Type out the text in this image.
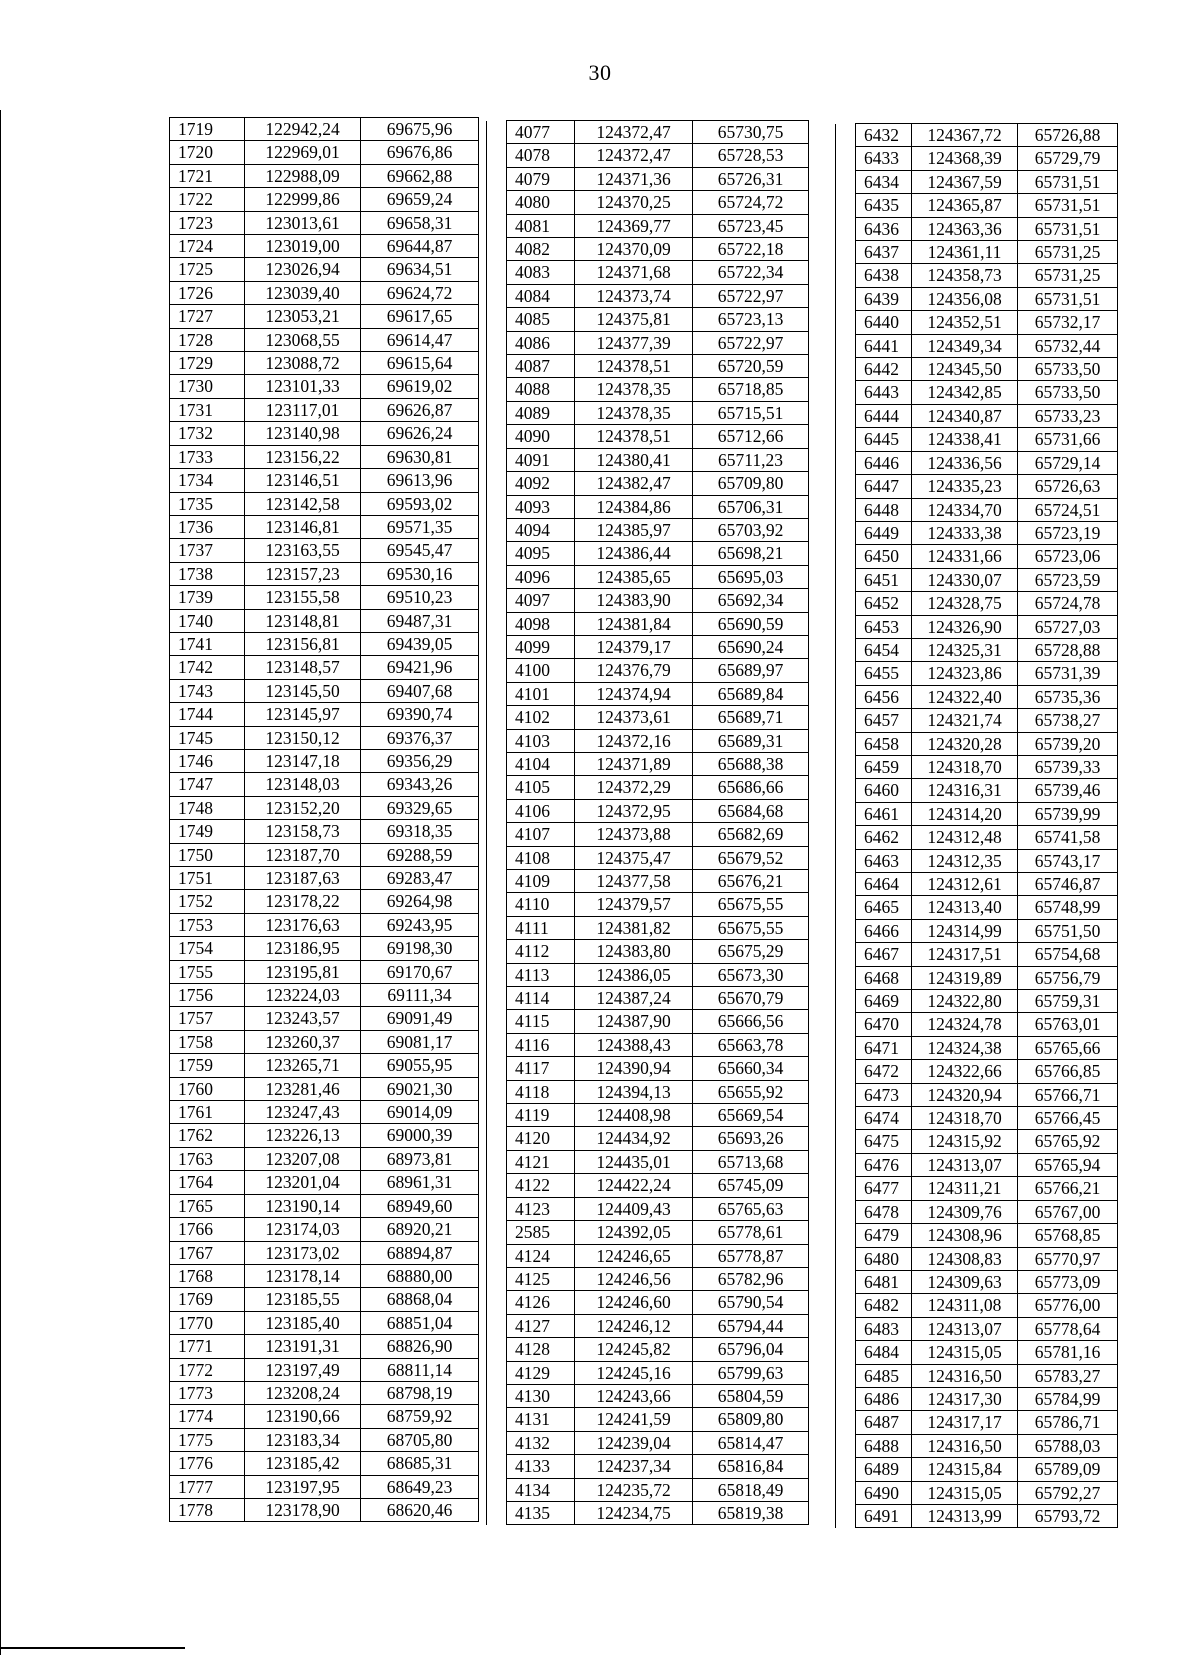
30
1719	122942,24	69675,96
1720	122969,01	69676,86
1721	122988,09	69662,88
1722	122999,86	69659,24
1723	123013,61	69658,31
1724	123019,00	69644,87
1725	123026,94	69634,51
1726	123039,40	69624,72
1727	123053,21	69617,65
1728	123068,55	69614,47
1729	123088,72	69615,64
1730	123101,33	69619,02
1731	123117,01	69626,87
1732	123140,98	69626,24
1733	123156,22	69630,81
1734	123146,51	69613,96
1735	123142,58	69593,02
1736	123146,81	69571,35
1737	123163,55	69545,47
1738	123157,23	69530,16
1739	123155,58	69510,23
1740	123148,81	69487,31
1741	123156,81	69439,05
1742	123148,57	69421,96
1743	123145,50	69407,68
1744	123145,97	69390,74
1745	123150,12	69376,37
1746	123147,18	69356,29
1747	123148,03	69343,26
1748	123152,20	69329,65
1749	123158,73	69318,35
1750	123187,70	69288,59
1751	123187,63	69283,47
1752	123178,22	69264,98
1753	123176,63	69243,95
1754	123186,95	69198,30
1755	123195,81	69170,67
1756	123224,03	69111,34
1757	123243,57	69091,49
1758	123260,37	69081,17
1759	123265,71	69055,95
1760	123281,46	69021,30
1761	123247,43	69014,09
1762	123226,13	69000,39
1763	123207,08	68973,81
1764	123201,04	68961,31
1765	123190,14	68949,60
1766	123174,03	68920,21
1767	123173,02	68894,87
1768	123178,14	68880,00
1769	123185,55	68868,04
1770	123185,40	68851,04
1771	123191,31	68826,90
1772	123197,49	68811,14
1773	123208,24	68798,19
1774	123190,66	68759,92
1775	123183,34	68705,80
1776	123185,42	68685,31
1777	123197,95	68649,23
1778	123178,90	68620,46
	4077	124372,47	65730,75
	4078	124372,47	65728,53
	4079	124371,36	65726,31
	4080	124370,25	65724,72
	4081	124369,77	65723,45
	4082	124370,09	65722,18
	4083	124371,68	65722,34
	4084	124373,74	65722,97
	4085	124375,81	65723,13
	4086	124377,39	65722,97
	4087	124378,51	65720,59
	4088	124378,35	65718,85
	4089	124378,35	65715,51
	4090	124378,51	65712,66
	4091	124380,41	65711,23
	4092	124382,47	65709,80
	4093	124384,86	65706,31
	4094	124385,97	65703,92
	4095	124386,44	65698,21
	4096	124385,65	65695,03
	4097	124383,90	65692,34
	4098	124381,84	65690,59
	4099	124379,17	65690,24
	4100	124376,79	65689,97
	4101	124374,94	65689,84
	4102	124373,61	65689,71
	4103	124372,16	65689,31
	4104	124371,89	65688,38
	4105	124372,29	65686,66
	4106	124372,95	65684,68
	4107	124373,88	65682,69
	4108	124375,47	65679,52
	4109	124377,58	65676,21
	4110	124379,57	65675,55
	4111	124381,82	65675,55
	4112	124383,80	65675,29
	4113	124386,05	65673,30
	4114	124387,24	65670,79
	4115	124387,90	65666,56
	4116	124388,43	65663,78
	4117	124390,94	65660,34
	4118	124394,13	65655,92
	4119	124408,98	65669,54
	4120	124434,92	65693,26
	4121	124435,01	65713,68
	4122	124422,24	65745,09
	4123	124409,43	65765,63
	2585	124392,05	65778,61
	4124	124246,65	65778,87
	4125	124246,56	65782,96
	4126	124246,60	65790,54
	4127	124246,12	65794,44
	4128	124245,82	65796,04
	4129	124245,16	65799,63
	4130	124243,66	65804,59
	4131	124241,59	65809,80
	4132	124239,04	65814,47
	4133	124237,34	65816,84
	4134	124235,72	65818,49
	4135	124234,75	65819,38
	6432	124367,72	65726,88
	6433	124368,39	65729,79
	6434	124367,59	65731,51
	6435	124365,87	65731,51
	6436	124363,36	65731,51
	6437	124361,11	65731,25
	6438	124358,73	65731,25
	6439	124356,08	65731,51
	6440	124352,51	65732,17
	6441	124349,34	65732,44
	6442	124345,50	65733,50
	6443	124342,85	65733,50
	6444	124340,87	65733,23
	6445	124338,41	65731,66
	6446	124336,56	65729,14
	6447	124335,23	65726,63
	6448	124334,70	65724,51
	6449	124333,38	65723,19
	6450	124331,66	65723,06
	6451	124330,07	65723,59
	6452	124328,75	65724,78
	6453	124326,90	65727,03
	6454	124325,31	65728,88
	6455	124323,86	65731,39
	6456	124322,40	65735,36
	6457	124321,74	65738,27
	6458	124320,28	65739,20
	6459	124318,70	65739,33
	6460	124316,31	65739,46
	6461	124314,20	65739,99
	6462	124312,48	65741,58
	6463	124312,35	65743,17
	6464	124312,61	65746,87
	6465	124313,40	65748,99
	6466	124314,99	65751,50
	6467	124317,51	65754,68
	6468	124319,89	65756,79
	6469	124322,80	65759,31
	6470	124324,78	65763,01
	6471	124324,38	65765,66
	6472	124322,66	65766,85
	6473	124320,94	65766,71
	6474	124318,70	65766,45
	6475	124315,92	65765,92
	6476	124313,07	65765,94
	6477	124311,21	65766,21
	6478	124309,76	65767,00
	6479	124308,96	65768,85
	6480	124308,83	65770,97
	6481	124309,63	65773,09
	6482	124311,08	65776,00
	6483	124313,07	65778,64
	6484	124315,05	65781,16
	6485	124316,50	65783,27
	6486	124317,30	65784,99
	6487	124317,17	65786,71
	6488	124316,50	65788,03
	6489	124315,84	65789,09
	6490	124315,05	65792,27
	6491	124313,99	65793,72
